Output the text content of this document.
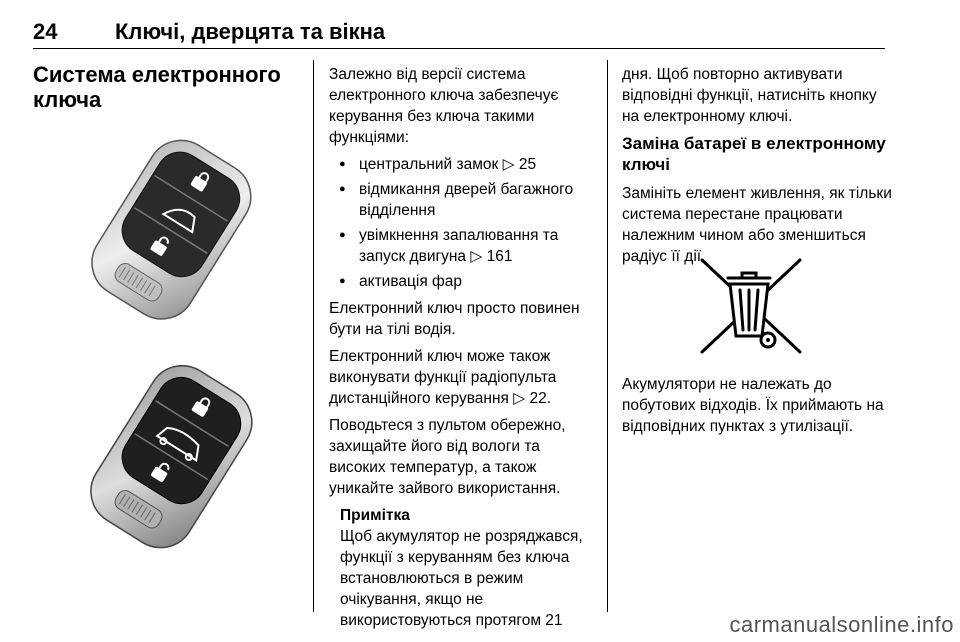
24	Ключі, дверцята та вікна
Система електронного
ключа

Залежно від версії система електронного ключа забезпечує керування без ключа такими функціями:

● центральний замок ▷ 25
● відмикання дверей багажного відділення
● увімкнення запалювання та запуск двигуна ▷ 161
● активація фар

Електронний ключ просто повинен бути на тілі водія.

Електронний ключ може також виконувати функції радіопульта дистанційного керування ▷ 22.

Поводьтеся з пультом обережно, захищайте його від вологи та високих температур, а також уникайте зайвого використання.

Примітка

Щоб акумулятор не розряджався, функції з керуванням без ключа встановлюються в режим очікування, якщо не використовуються протягом 21

дня. Щоб повторно активувати відповідні функції, натисніть кнопку на електронному ключі.

Заміна батареї в електронному ключі

Замініть елемент живлення, як тільки система перестане працювати належним чином або зменшиться радіус її дії.

Акумулятори не належать до побутових відходів. Їх приймають на відповідних пунктах з утилізації.

carmanualsonline.info
